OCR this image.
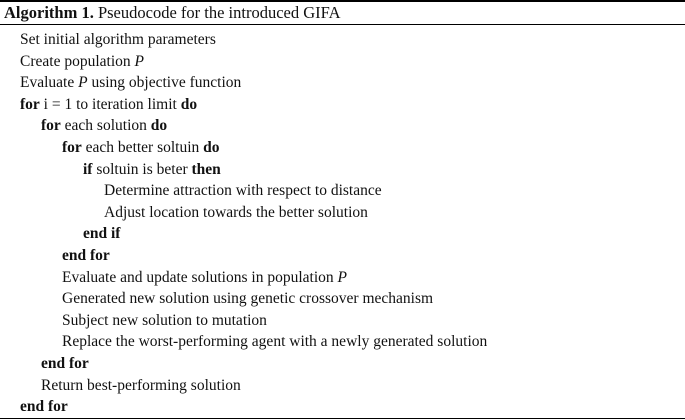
Algorithm 1. Pseudocode for the introduced GIFA
Set initial algorithm parameters
Create population P
Evaluate P using objective function
for i = 1 to iteration limit do
for each solution do
for each better soltuin do
if soltuin is beter then
Determine attraction with respect to distance
Adjust location towards the better solution
end if
end for
Evaluate and update solutions in population P
Generated new solution using genetic crossover mechanism
Subject new solution to mutation
Replace the worst-performing agent with a newly generated solution
end for
Return best-performing solution
end for
